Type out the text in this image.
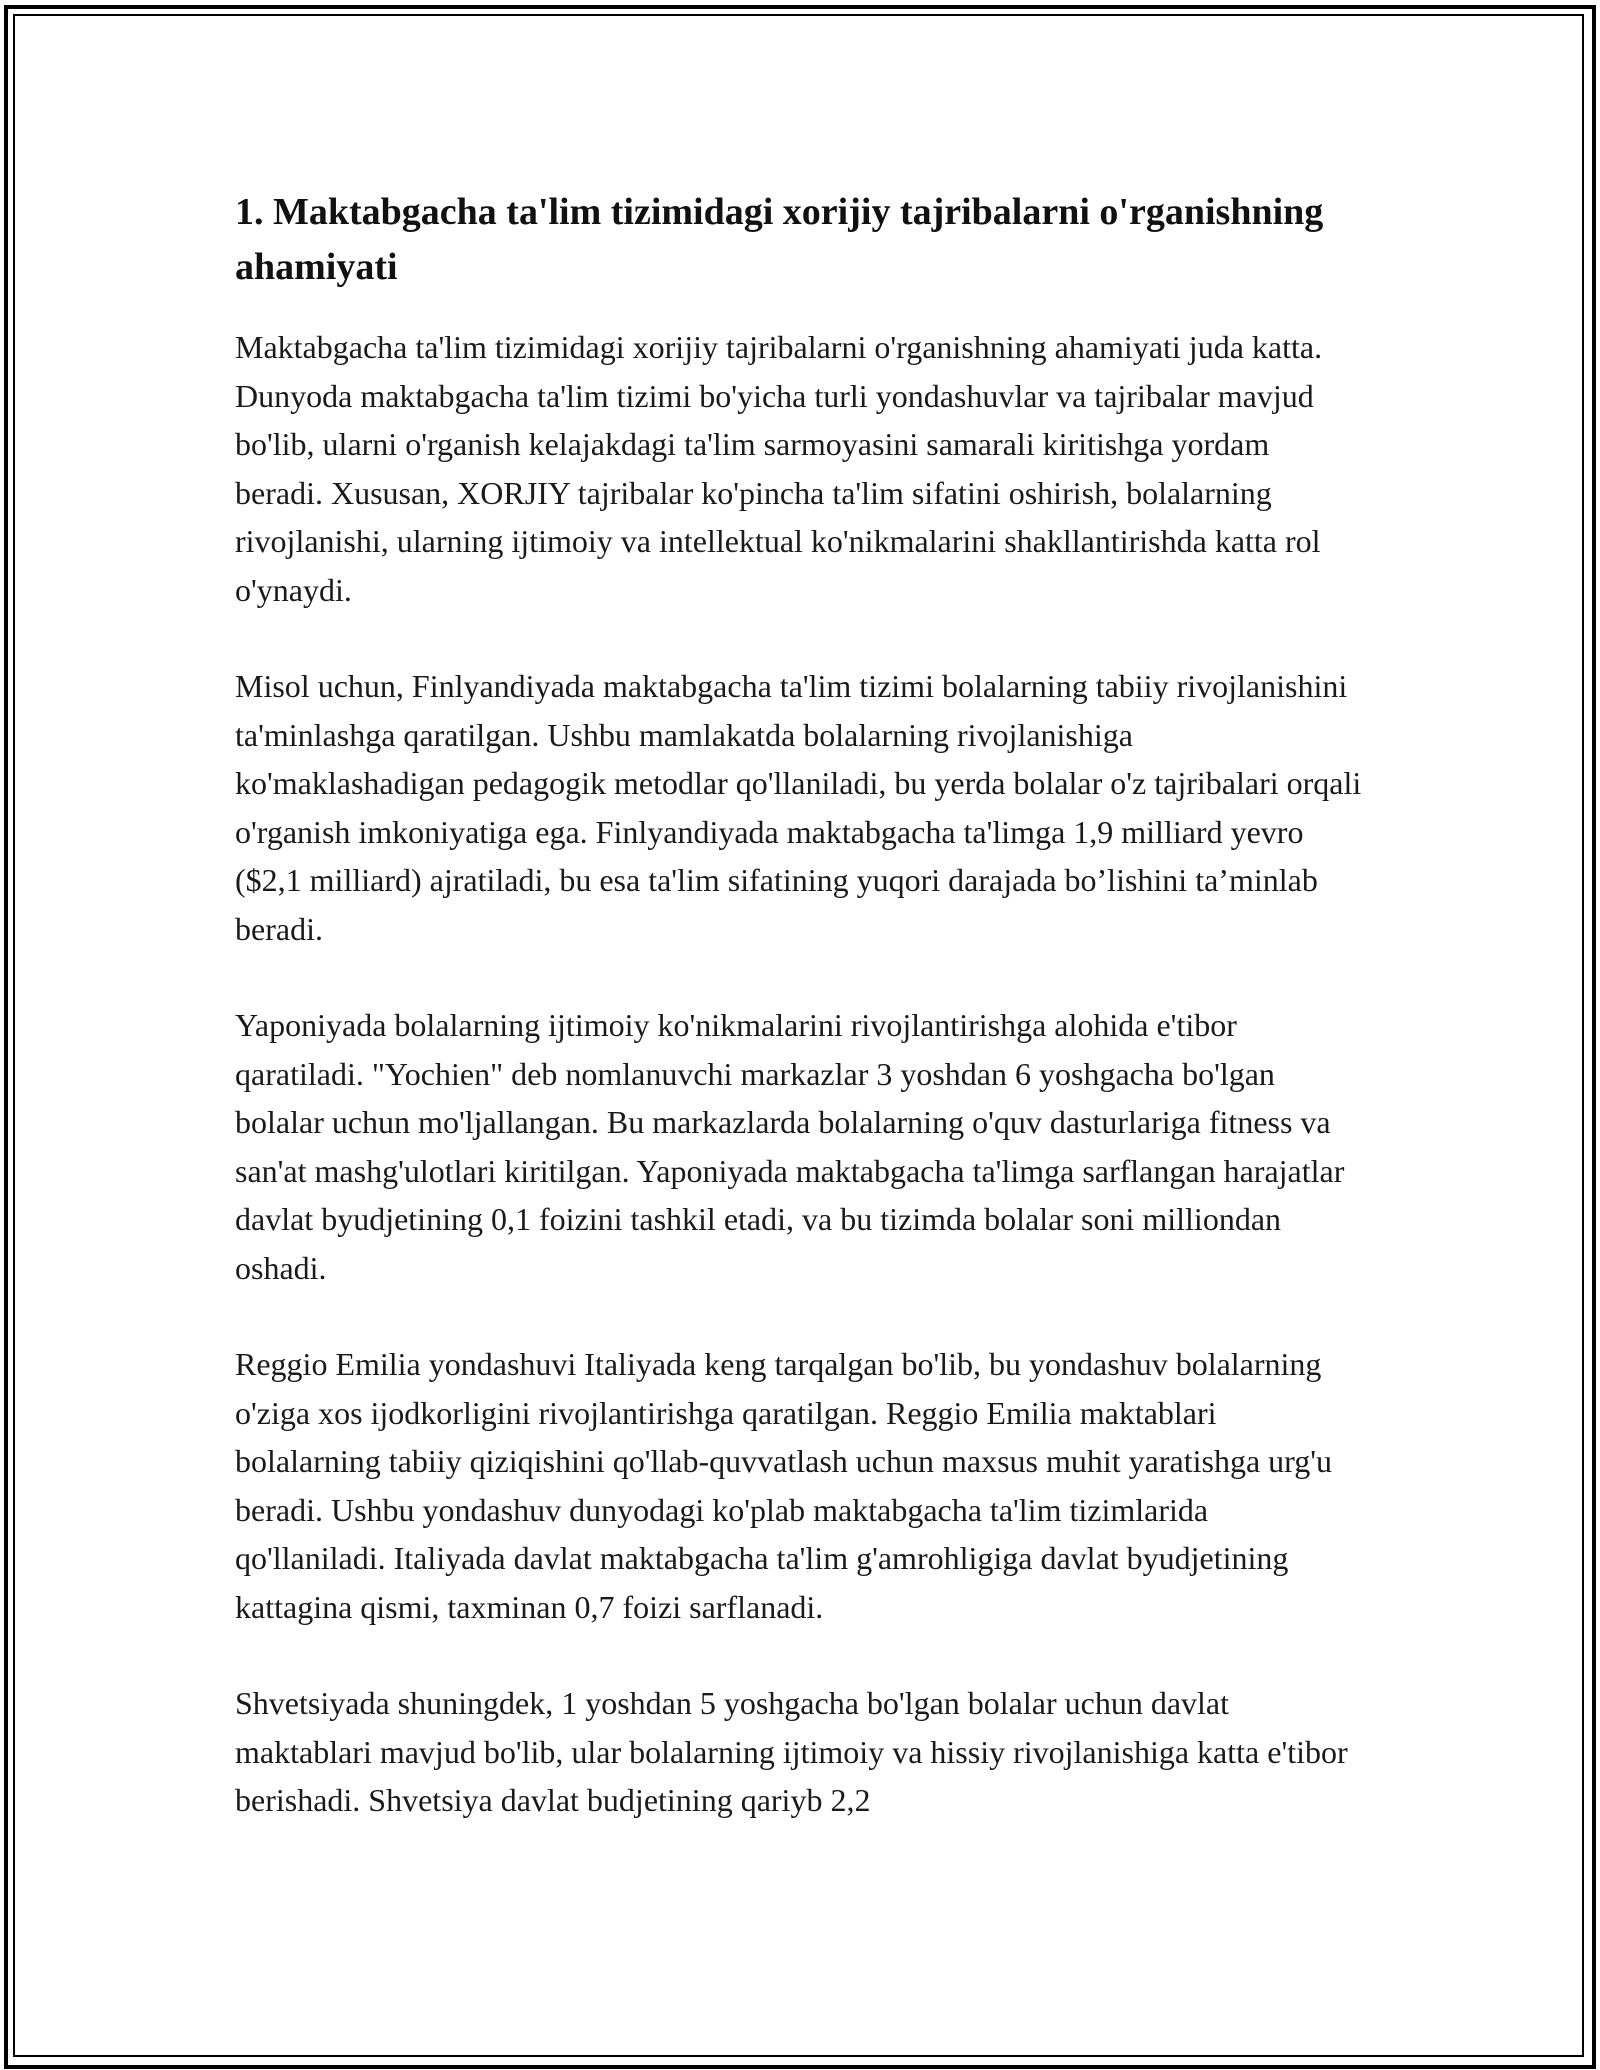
1. Maktabgacha ta'lim tizimidagi xorijiy tajribalarni o'rganishning ahamiyati

Maktabgacha ta'lim tizimidagi xorijiy tajribalarni o'rganishning ahamiyati juda katta. Dunyoda maktabgacha ta'lim tizimi bo'yicha turli yondashuvlar va tajribalar mavjud bo'lib, ularni o'rganish kelajakdagi ta'lim sarmoyasini samarali kiritishga yordam beradi. Xususan, XORJIY tajribalar ko'pincha ta'lim sifatini oshirish, bolalarning rivojlanishi, ularning ijtimoiy va intellektual ko'nikmalarini shakllantirishda katta rol o'ynaydi.

Misol uchun, Finlyandiyada maktabgacha ta'lim tizimi bolalarning tabiiy rivojlanishini ta'minlashga qaratilgan. Ushbu mamlakatda bolalarning rivojlanishiga ko'maklashadigan pedagogik metodlar qo'llaniladi, bu yerda bolalar o'z tajribalari orqali o'rganish imkoniyatiga ega. Finlyandiyada maktabgacha ta'limga 1,9 milliard yevro ($2,1 milliard) ajratiladi, bu esa ta'lim sifatining yuqori darajada bo’lishini ta’minlab beradi.

Yaponiyada bolalarning ijtimoiy ko'nikmalarini rivojlantirishga alohida e'tibor qaratiladi. "Yochien" deb nomlanuvchi markazlar 3 yoshdan 6 yoshgacha bo'lgan bolalar uchun mo'ljallangan. Bu markazlarda bolalarning o'quv dasturlariga fitness va san'at mashg'ulotlari kiritilgan. Yaponiyada maktabgacha ta'limga sarflangan harajatlar davlat byudjetining 0,1 foizini tashkil etadi, va bu tizimda bolalar soni milliondan oshadi.

Reggio Emilia yondashuvi Italiyada keng tarqalgan bo'lib, bu yondashuv bolalarning o'ziga xos ijodkorligini rivojlantirishga qaratilgan. Reggio Emilia maktablari bolalarning tabiiy qiziqishini qo'llab-quvvatlash uchun maxsus muhit yaratishga urg'u beradi. Ushbu yondashuv dunyodagi ko'plab maktabgacha ta'lim tizimlarida qo'llaniladi. Italiyada davlat maktabgacha ta'lim g'amrohligiga davlat byudjetining kattagina qismi, taxminan 0,7 foizi sarflanadi.

Shvetsiyada shuningdek, 1 yoshdan 5 yoshgacha bo'lgan bolalar uchun davlat maktablari mavjud bo'lib, ular bolalarning ijtimoiy va hissiy rivojlanishiga katta e'tibor berishadi. Shvetsiya davlat budjetining qariyb 2,2
